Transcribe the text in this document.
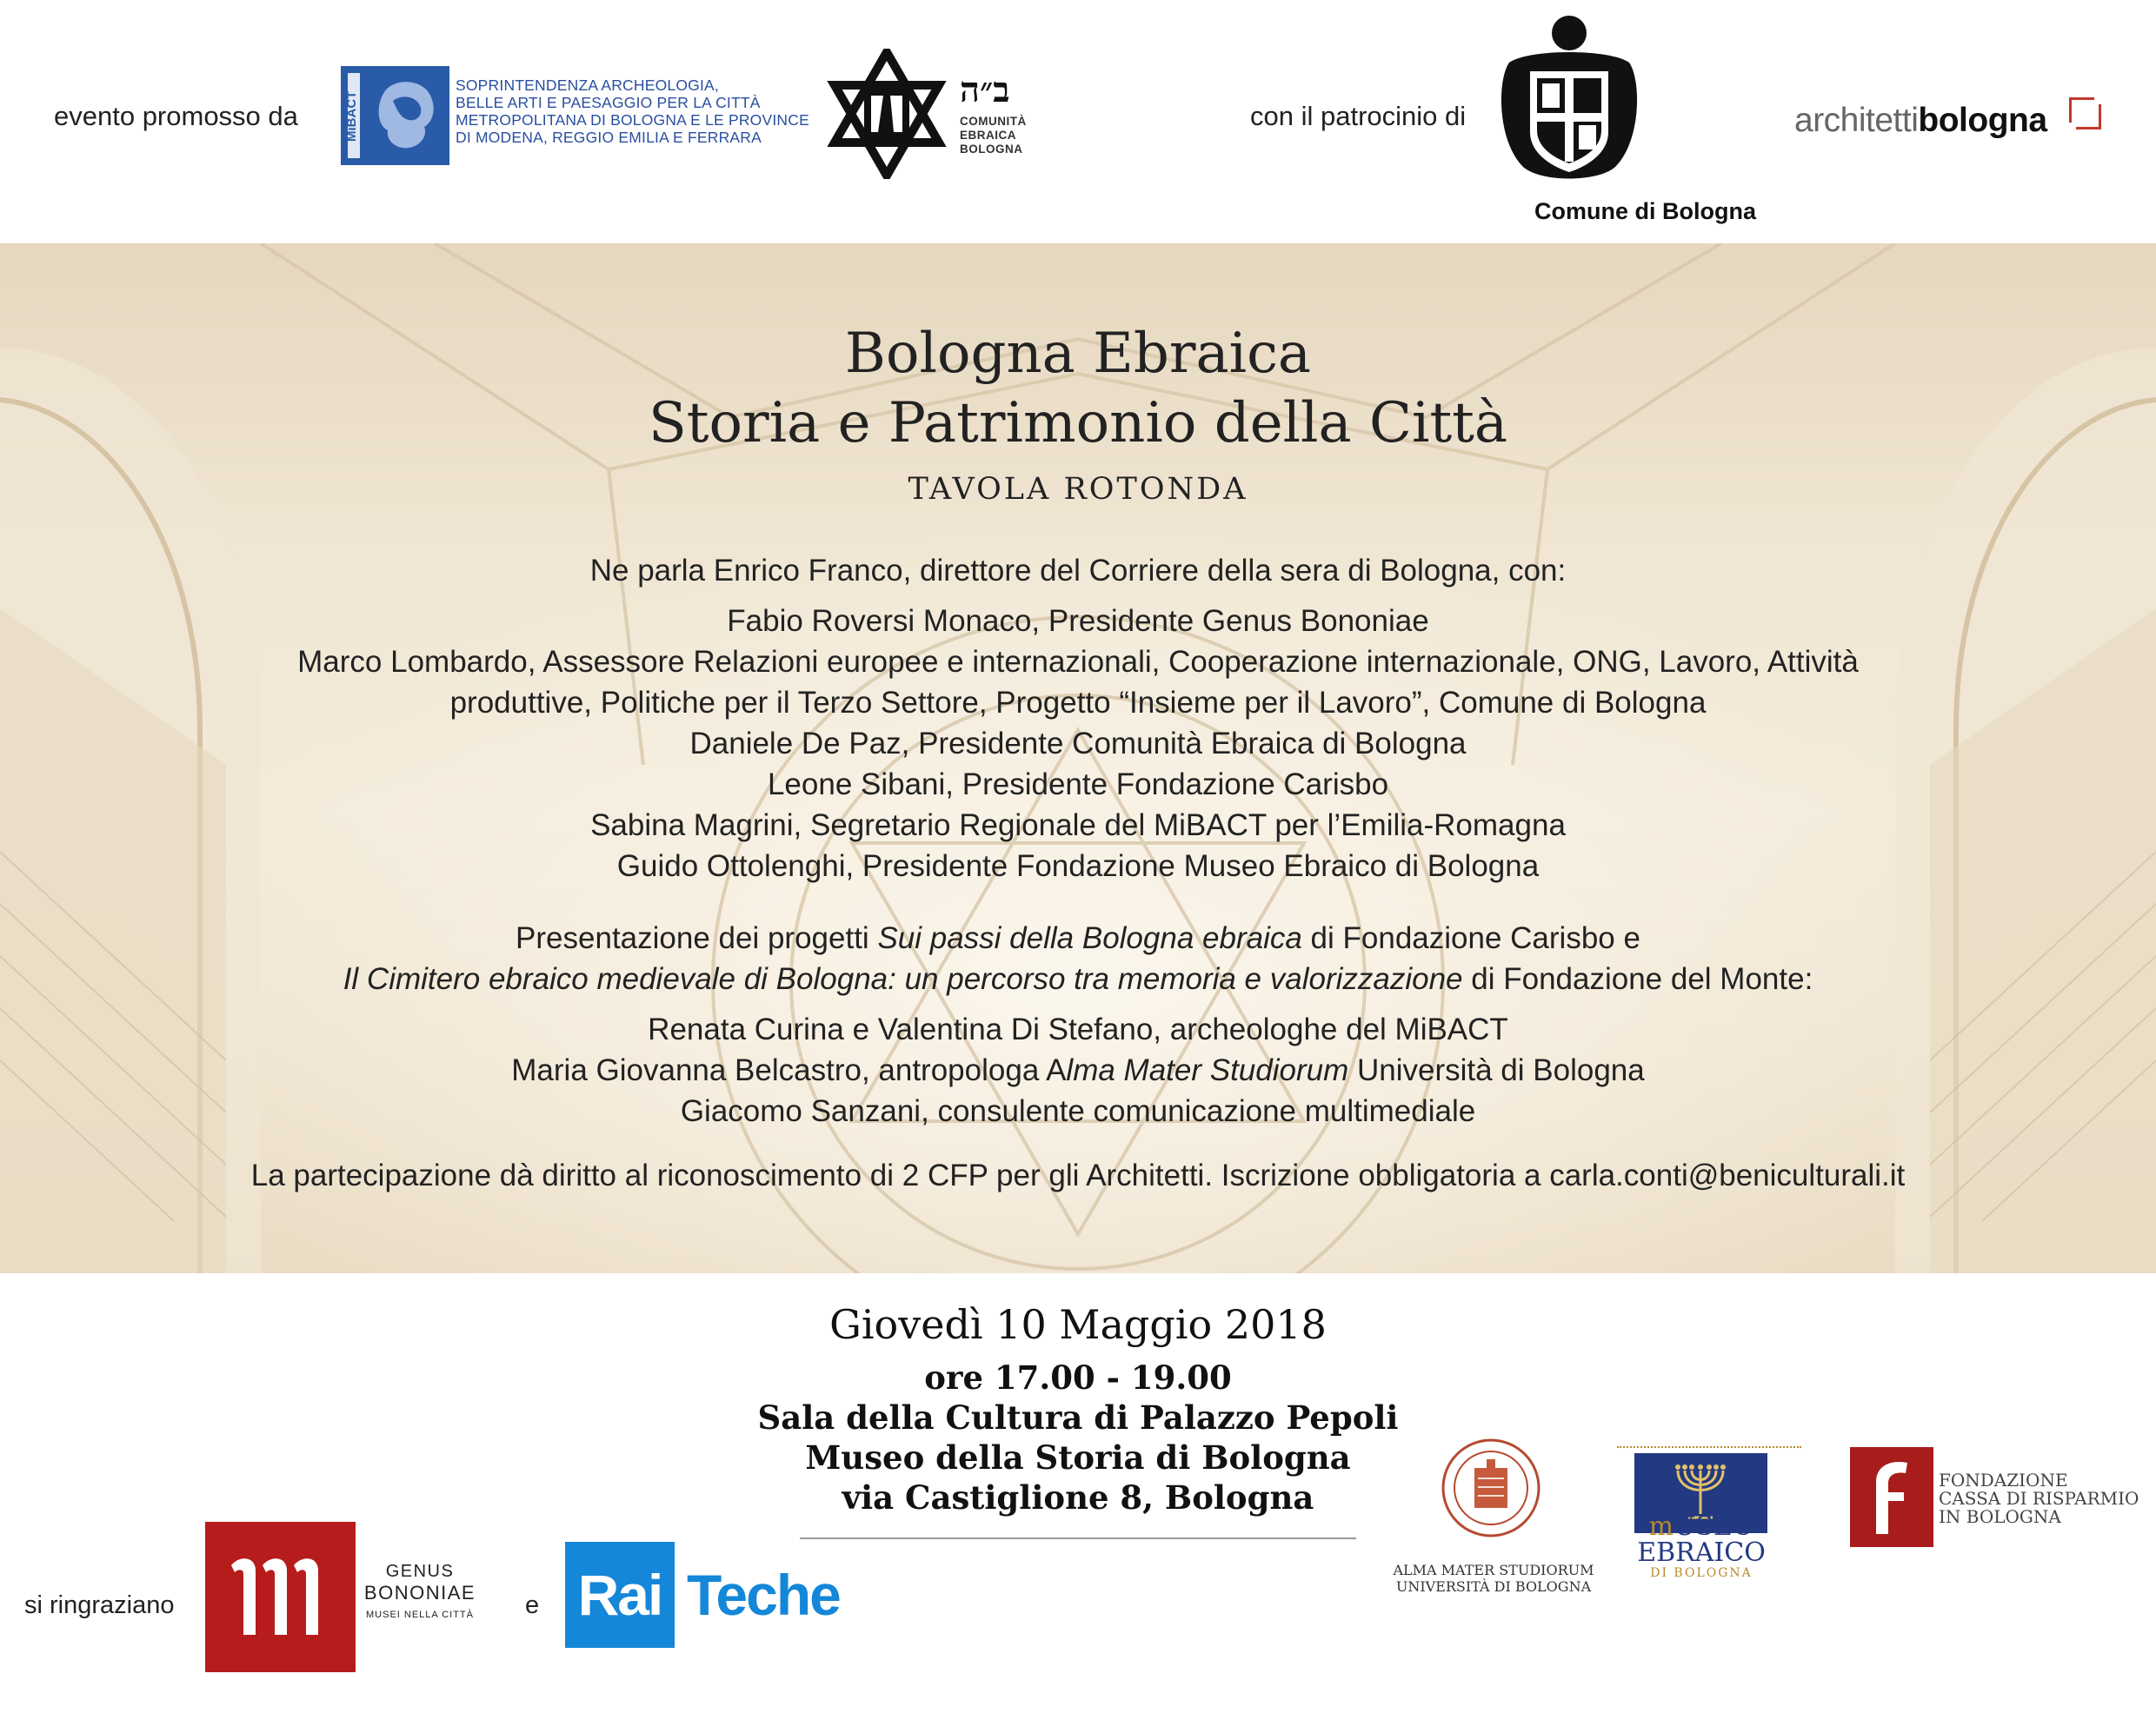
evento promosso da	MiBACT
SOPRINTENDENZA ARCHEOLOGIA,
BELLE ARTI E PAESAGGIO PER LA CITTÀ
METROPOLITANA DI BOLOGNA E LE PROVINCE
DI MODENA, REGGIO EMILIA E FERRARA
ב״ה
COMUNITÀ
EBRAICA
BOLOGNA
con il patrocinio di
Comune di Bologna
architettibologna
Bologna Ebraica
Storia e Patrimonio della Città
TAVOLA ROTONDA
Ne parla Enrico Franco, direttore del Corriere della sera di Bologna, con:
Fabio Roversi Monaco, Presidente Genus Bononiae
Marco Lombardo, Assessore Relazioni europee e internazionali, Cooperazione internazionale, ONG, Lavoro, Attività
produttive, Politiche per il Terzo Settore, Progetto “Insieme per il Lavoro”, Comune di Bologna
Daniele De Paz, Presidente Comunità Ebraica di Bologna
Leone Sibani, Presidente Fondazione Carisbo
Sabina Magrini, Segretario Regionale del MiBACT per l’Emilia-Romagna
Guido Ottolenghi, Presidente Fondazione Museo Ebraico di Bologna
Presentazione dei progetti Sui passi della Bologna ebraica di Fondazione Carisbo e
Il Cimitero ebraico medievale di Bologna: un percorso tra memoria e valorizzazione di Fondazione del Monte:
Renata Curina e Valentina Di Stefano, archeologhe del MiBACT
Maria Giovanna Belcastro, antropologa Alma Mater Studiorum Università di Bologna
Giacomo Sanzani, consulente comunicazione multimediale
La partecipazione dà diritto al riconoscimento di 2 CFP per gli Architetti. Iscrizione obbligatoria a carla.conti@beniculturali.it
Giovedì 10 Maggio 2018
ore 17.00 - 19.00
Sala della Cultura di Palazzo Pepoli
Museo della Storia di Bologna
via Castiglione 8, Bologna
si ringraziano
GENUS
BONONIAE
MUSEI NELLA CITTÀ e Rai Teche	ALMA MATER STUDIORUM
UNIVERSITÀ DI BOLOGNA
mUSEO
EBRAICO
DI BOLOGNA
FONDAZIONE
CASSA DI RISPARMIO
IN BOLOGNA
